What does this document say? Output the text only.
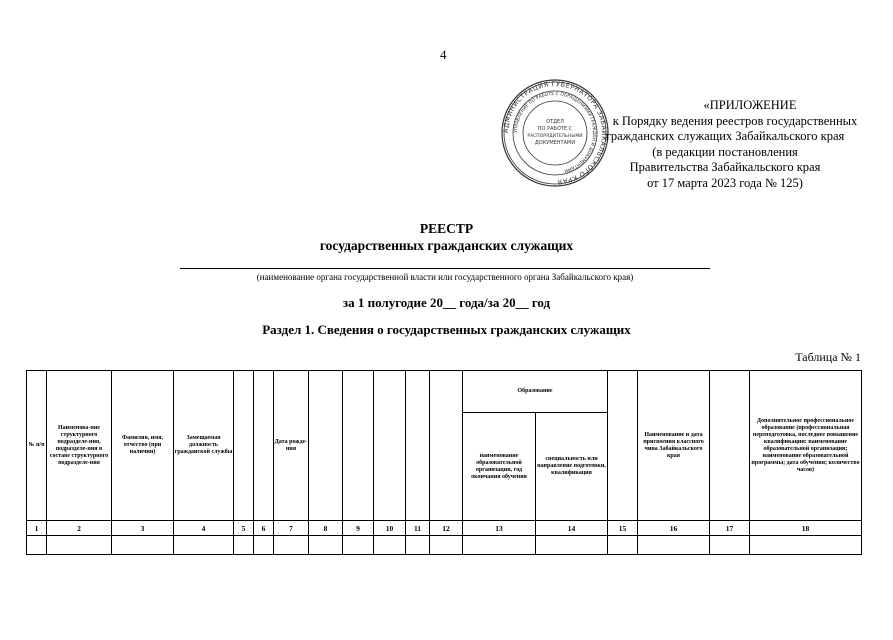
4
АДМИНИСТРАЦИЯ ГУБЕРНАТОРА ЗАБАЙКАЛЬСКОГО КРАЯ
УПРАВЛЕНИЕ ПО РАБОТЕ С ОБРАЩЕНИЯМИ ГРАЖДАН И ДОКУМЕНТАМИ
ОТДЕЛ
ПО РАБОТЕ С
РАСПОРЯДИТЕЛЬНЫМИ
ДОКУМЕНТАМИ
«ПРИЛОЖЕНИЕ
к Порядку ведения реестров государственных
гражданских служащих Забайкальского края
(в редакции постановления
Правительства Забайкальского края
от 17 марта 2023 года № 125)
РЕЕСТР
государственных гражданских служащих
(наименование органа государственной власти или государственного органа Забайкальского края)
за 1 полугодие 20__ года/за 20__ год
Раздел 1. Сведения о государственных гражданских служащих
Таблица № 1
№ п/п	Наименова-ние структурного подразделе-ния, подразделе-ния в составе структурного подразделе-ния	Фамилия, имя, отчество (при наличии)	Замещаемая должность гражданской службы			Дата рожде-ния						Образование			Наименование и дата присвоения классного чина Забайкальского края		Дополнительное профессиональное образование (профессиональная переподготовка, последнее повышение квалификации: наименование образовательной организации; наименование образовательной программы; дата обучения; количество часов)
												наименование образовательной организации, год окончания обучения	специальность или направление подготовки, квалификация				
1	2	3	4	5	6	7	8	9	10	11	12	13	14	15	16	17	18
